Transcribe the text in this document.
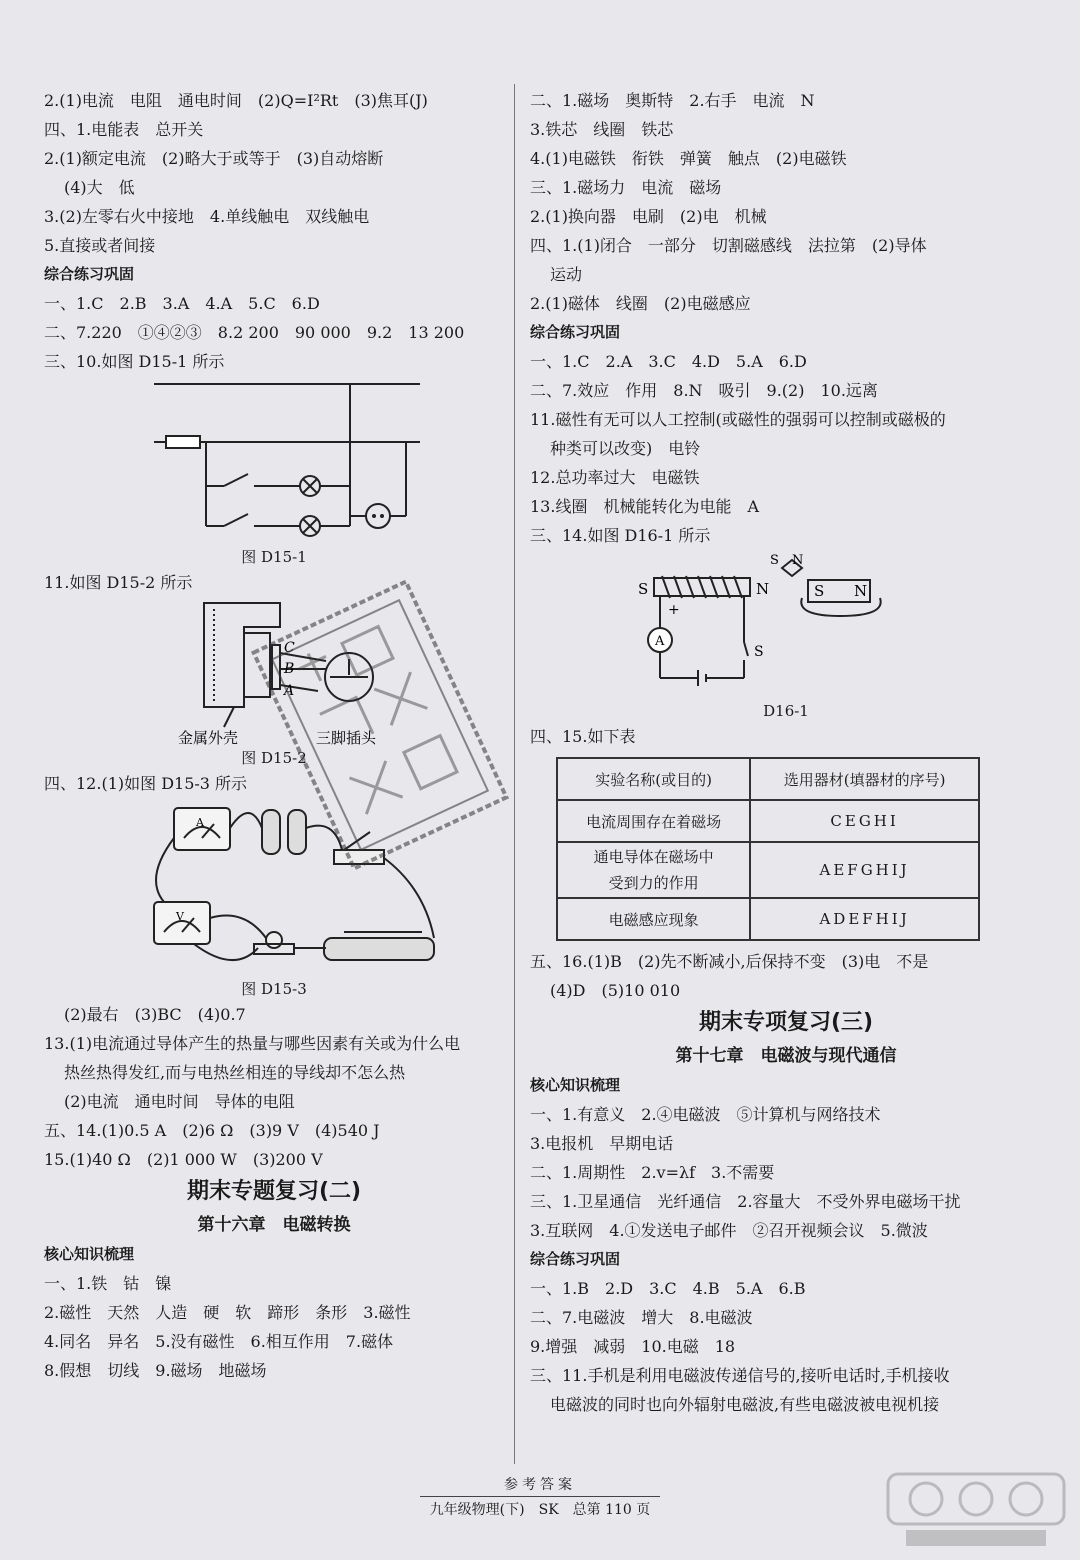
2.(1)电流　电阻　通电时间　(2)Q=I²Rt　(3)焦耳(J)
四、1.电能表　总开关
2.(1)额定电流　(2)略大于或等于　(3)自动熔断
(4)大　低
3.(2)左零右火中接地　4.单线触电　双线触电
5.直接或者间接
综合练习巩固
一、1.C　2.B　3.A　4.A　5.C　6.D
二、7.220　①④②③　8.2 200　90 000　9.2　13 200
三、10.如图 D15-1 所示
图 D15-1
11.如图 D15-2 所示
C
B
A
金属外壳	三脚插头
图 D15-2
四、12.(1)如图 D15-3 所示
A
V
图 D15-3
(2)最右　(3)BC　(4)0.7
13.(1)电流通过导体产生的热量与哪些因素有关或为什么电
热丝热得发红,而与电热丝相连的导线却不怎么热
(2)电流　通电时间　导体的电阻
五、14.(1)0.5 A　(2)6 Ω　(3)9 V　(4)540 J
15.(1)40 Ω　(2)1 000 W　(3)200 V
期末专题复习(二)
第十六章　电磁转换
核心知识梳理
一、1.铁　钴　镍
2.磁性　天然　人造　硬　软　蹄形　条形　3.磁性
4.同名　异名　5.没有磁性　6.相互作用　7.磁体
8.假想　切线　9.磁场　地磁场
二、1.磁场　奥斯特　2.右手　电流　N
3.铁芯　线圈　铁芯
4.(1)电磁铁　衔铁　弹簧　触点　(2)电磁铁
三、1.磁场力　电流　磁场
2.(1)换向器　电刷　(2)电　机械
四、1.(1)闭合　一部分　切割磁感线　法拉第　(2)导体
运动
2.(1)磁体　线圈　(2)电磁感应
综合练习巩固
一、1.C　2.A　3.C　4.D　5.A　6.D
二、7.效应　作用　8.N　吸引　9.(2)　10.远离
11.磁性有无可以人工控制(或磁性的强弱可以控制或磁极的
种类可以改变)　电铃
12.总功率过大　电磁铁
13.线圈　机械能转化为电能　A
三、14.如图 D16-1 所示
S	N
+
A
S
S N
S N
D16-1
四、15.如下表
实验名称(或目的)	选用器材(填器材的序号)
电流周围存在着磁场	CEGHI
通电导体在磁场中
受到力的作用	AEFGHIJ
电磁感应现象	ADEFHIJ
五、16.(1)B　(2)先不断减小,后保持不变　(3)电　不是
(4)D　(5)10 010
期末专项复习(三)
第十七章　电磁波与现代通信
核心知识梳理
一、1.有意义　2.④电磁波　⑤计算机与网络技术
3.电报机　早期电话
二、1.周期性　2.v=λf　3.不需要
三、1.卫星通信　光纤通信　2.容量大　不受外界电磁场干扰
3.互联网　4.①发送电子邮件　②召开视频会议　5.微波
综合练习巩固
一、1.B　2.D　3.C　4.B　5.A　6.B
二、7.电磁波　增大　8.电磁波
9.增强　减弱　10.电磁　18
三、11.手机是利用电磁波传递信号的,接听电话时,手机接收
电磁波的同时也向外辐射电磁波,有些电磁波被电视机接
参考答案
九年级物理(下)　SK　总第 110 页
